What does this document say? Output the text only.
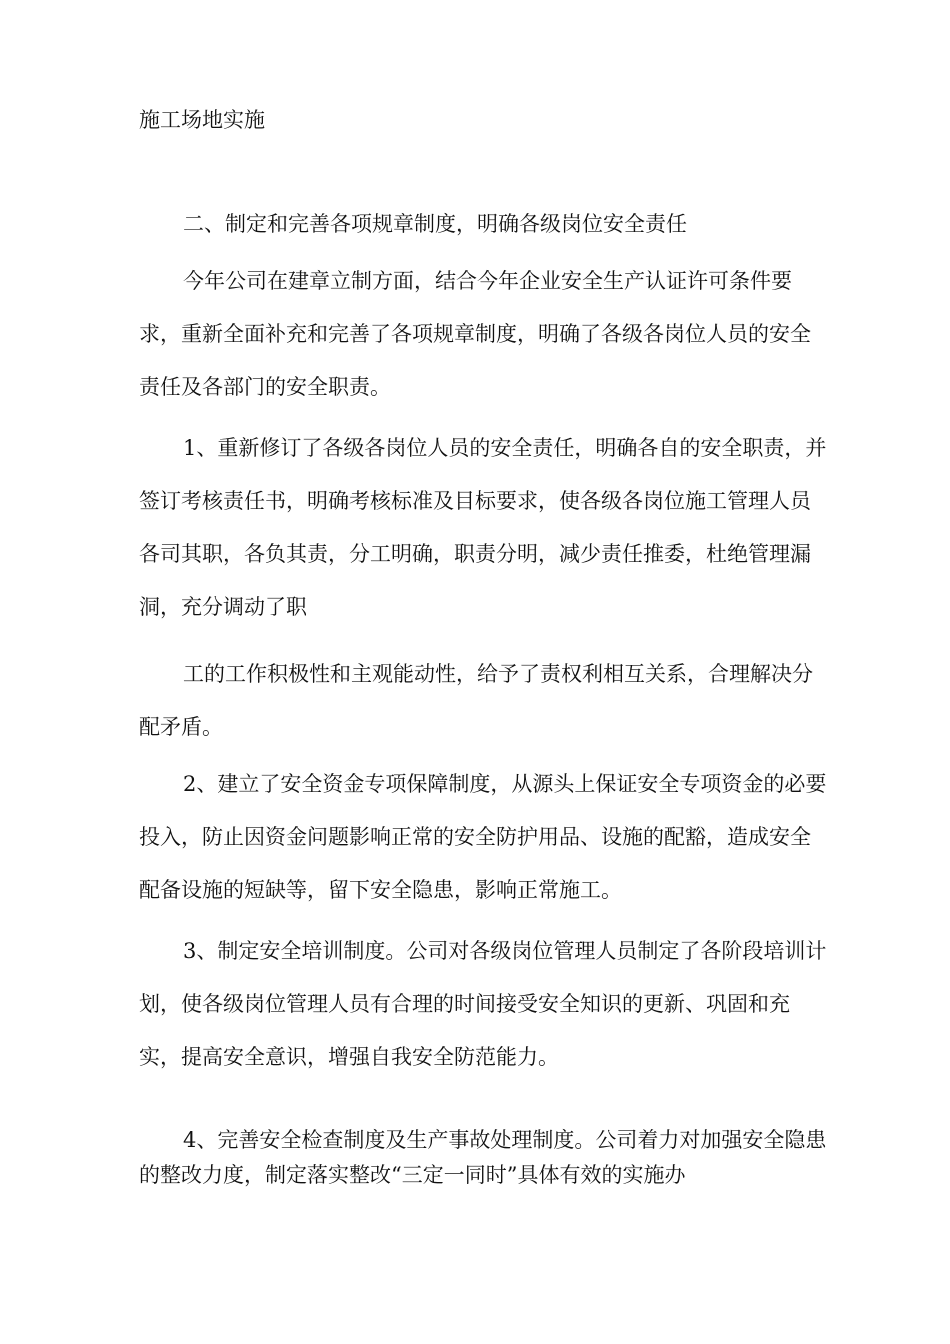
施工场地实施
二、制定和完善各项规章制度，明确各级岗位安全责任
今年公司在建章立制方面，结合今年企业安全生产认证许可条件要求，重新全面补充和完善了各项规章制度，明确了各级各岗位人员的安全责任及各部门的安全职责。
1、重新修订了各级各岗位人员的安全责任，明确各自的安全职责，并签订考核责任书，明确考核标准及目标要求，使各级各岗位施工管理人员各司其职，各负其责，分工明确，职责分明，减少责任推委，杜绝管理漏洞，充分调动了职
工的工作积极性和主观能动性，给予了责权利相互关系，合理解决分配矛盾。
2、建立了安全资金专项保障制度，从源头上保证安全专项资金的必要投入，防止因资金问题影响正常的安全防护用品、设施的配豁，造成安全配备设施的短缺等，留下安全隐患，影响正常施工。
3、制定安全培训制度。公司对各级岗位管理人员制定了各阶段培训计划，使各级岗位管理人员有合理的时间接受安全知识的更新、巩固和充实，提高安全意识，增强自我安全防范能力。
4、完善安全检查制度及生产事故处理制度。公司着力对加强安全隐患的整改力度，制定落实整改“三定一同时”具体有效的实施办
